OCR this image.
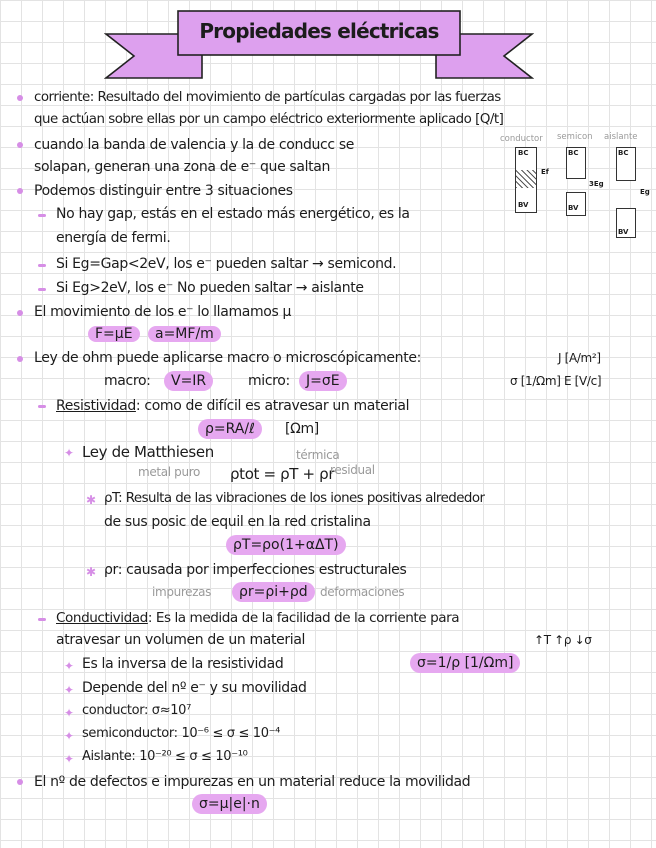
Propiedades eléctricas
corriente: Resultado del movimiento de partículas cargadas por las fuerzas
que actúan sobre ellas por un campo eléctrico exteriormente aplicado [Q/t]
cuando la banda de valencia y la de conducc se
solapan, generan una zona de e⁻ que saltan
Podemos distinguir entre 3 situaciones
No hay gap, estás en el estado más energético, es la
energía de fermi.
Si Eg=Gap<2eV, los e⁻ pueden saltar → semicond.
Si Eg>2eV, los e⁻ No pueden saltar → aislante
conductor semicon aislante
BC
BV
Ef
BC
BV
3Eg
BC
BV
Eg
El movimiento de los e⁻ lo llamamos μ
F=μE a=MF/m
Ley de ohm puede aplicarse macro o microscópicamente:	J [A/m²]
macro:	V=IR	micro:	J=σE	σ [1/Ωm] E [V/c]
Resistividad: como de difícil es atravesar un material
ρ=RA/ℓ	[Ωm]
✦ Ley de Matthiesen	térmica
metal puro ρtot = ρT + ρr
residual
✱ ρT: Resulta de las vibraciones de los iones positivas alrededor
de sus posic de equil en la red cristalina
ρT=ρo(1+αΔT)
✱ ρr: causada por imperfecciones estructurales
impurezas	ρr=ρi+ρd	deformaciones
Conductividad: Es la medida de la facilidad de la corriente para
atravesar un volumen de un material	↑T ↑ρ ↓σ
✦ Es la inversa de la resistividad	σ=1/ρ [1/Ωm]
✦ Depende del nº e⁻ y su movilidad
✦ conductor: σ≈10⁷
✦ semiconductor: 10⁻⁶ ≤ σ ≤ 10⁻⁴
✦ Aislante: 10⁻²⁰ ≤ σ ≤ 10⁻¹⁰
El nº de defectos e impurezas en un material reduce la movilidad
σ=μ|e|·n
